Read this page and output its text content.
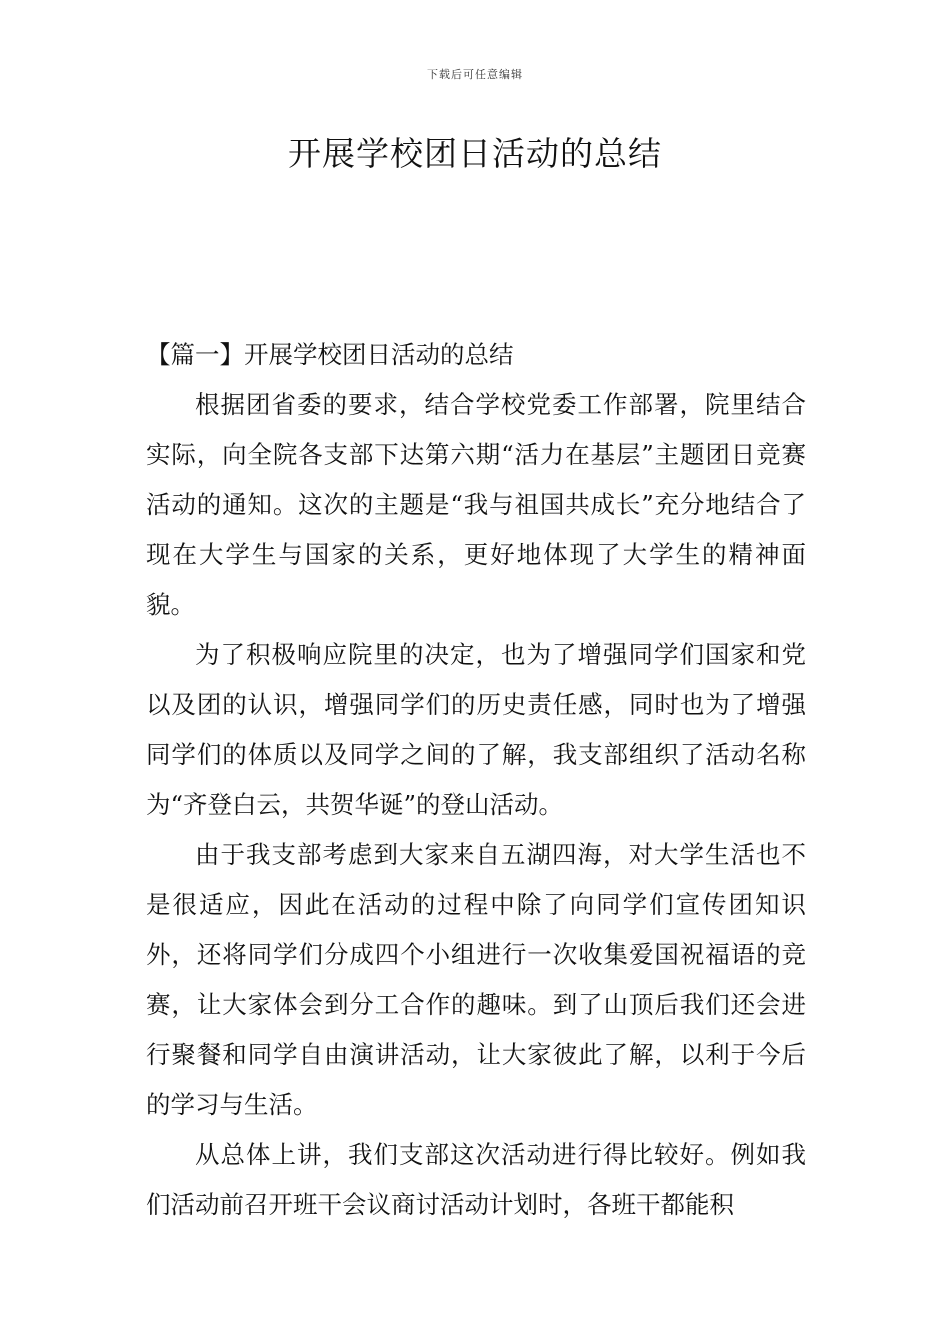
下载后可任意编辑
开展学校团日活动的总结

【篇一】开展学校团日活动的总结

根据团省委的要求，结合学校党委工作部署，院里结合实际，向全院各支部下达第六期“活力在基层”主题团日竞赛活动的通知。这次的主题是“我与祖国共成长”充分地结合了现在大学生与国家的关系，更好地体现了大学生的精神面貌。

为了积极响应院里的决定，也为了增强同学们国家和党以及团的认识，增强同学们的历史责任感，同时也为了增强同学们的体质以及同学之间的了解，我支部组织了活动名称为“齐登白云，共贺华诞”的登山活动。

由于我支部考虑到大家来自五湖四海，对大学生活也不是很适应，因此在活动的过程中除了向同学们宣传团知识外，还将同学们分成四个小组进行一次收集爱国祝福语的竞赛，让大家体会到分工合作的趣味。到了山顶后我们还会进行聚餐和同学自由演讲活动，让大家彼此了解，以利于今后的学习与生活。

从总体上讲，我们支部这次活动进行得比较好。例如我们活动前召开班干会议商讨活动计划时，各班干都能积
